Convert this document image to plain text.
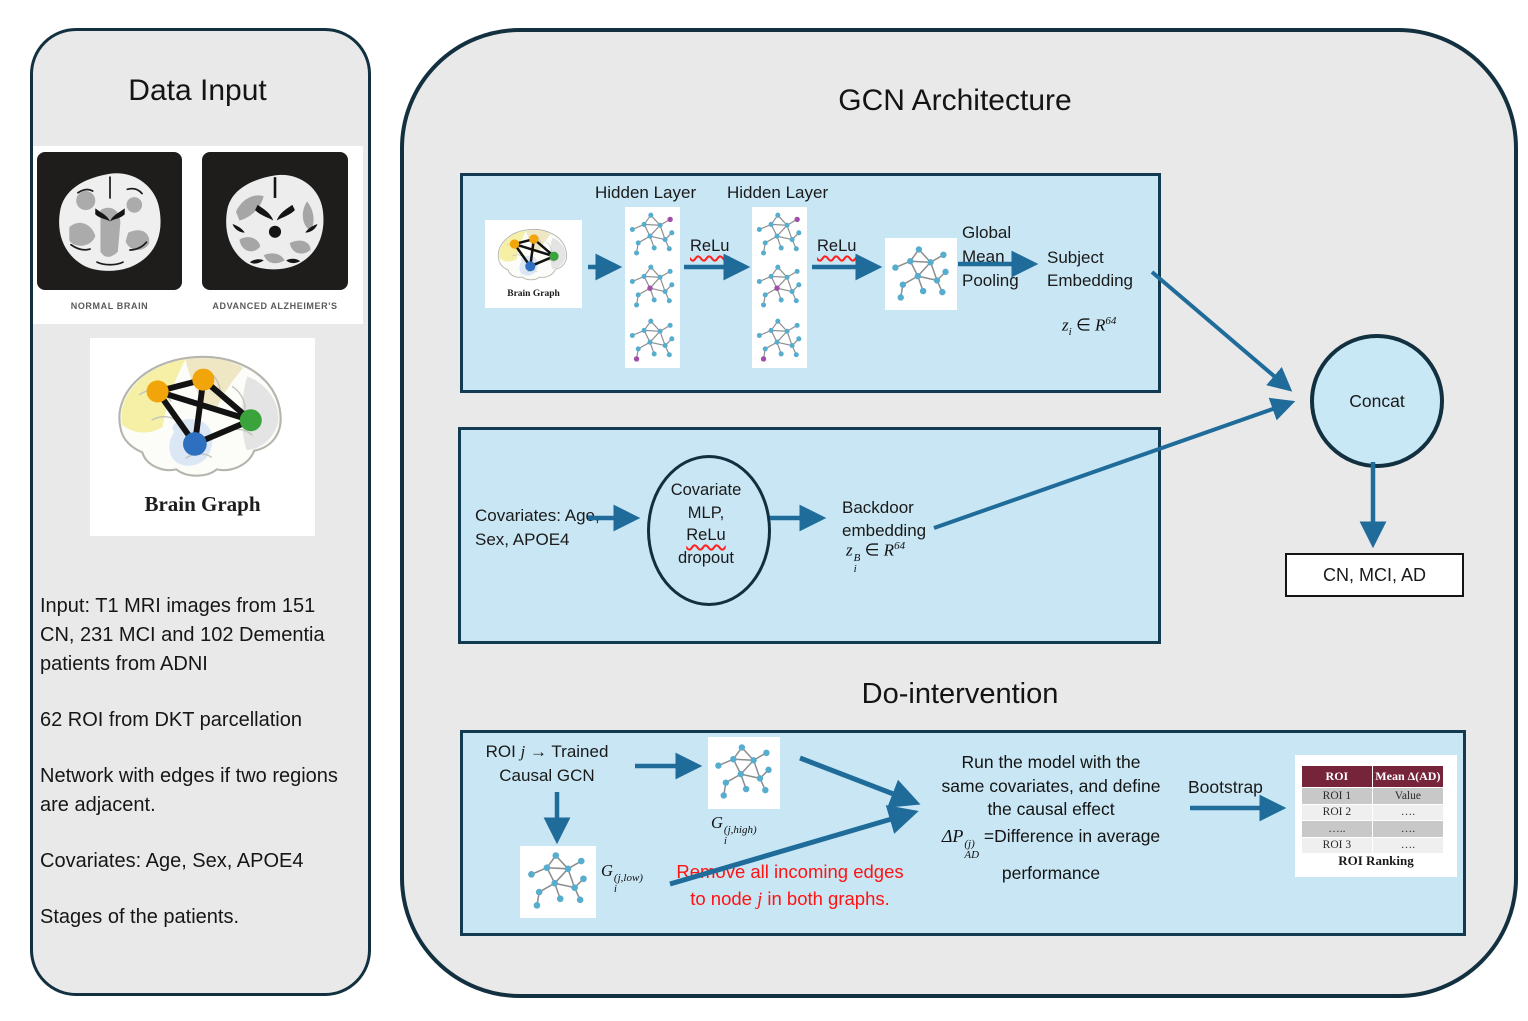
Data Input
NORMAL BRAIN	ADVANCED ALZHEIMER'S
Brain Graph

Input: T1 MRI images from 151 CN, 231 MCI and 102 Dementia patients from ADNI

62 ROI from DKT parcellation

Network with edges if two regions are adjacent.

Covariates: Age, Sex, APOE4

Stages of the patients.

GCN Architecture
Hidden Layer Hidden Layer
Brain Graph
ReLu	ReLu
Global
Mean
Pooling
Subject
Embedding
$z_i$ ∈ $R^{64}$
Covariates: Age,
Sex, APOE4
Covariate
MLP,
ReLu
dropout
Backdoor
embedding
z B
i
∈ $R^{64}$
Concat
CN, MCI, AD
Do-intervention
ROI j → Trained
Causal GCN
G (j,high)
i
G (j,low)
i
Remove all incoming edges
to node j in both graphs.
Run the model with the
same covariates, and define
the causal effect
ΔP (j)
AD
=Difference in average
performance
Bootstrap
ROI	Mean Δ(AD)
ROI 1	Value
ROI 2	….
…..	….
ROI 3	….
ROI Ranking
